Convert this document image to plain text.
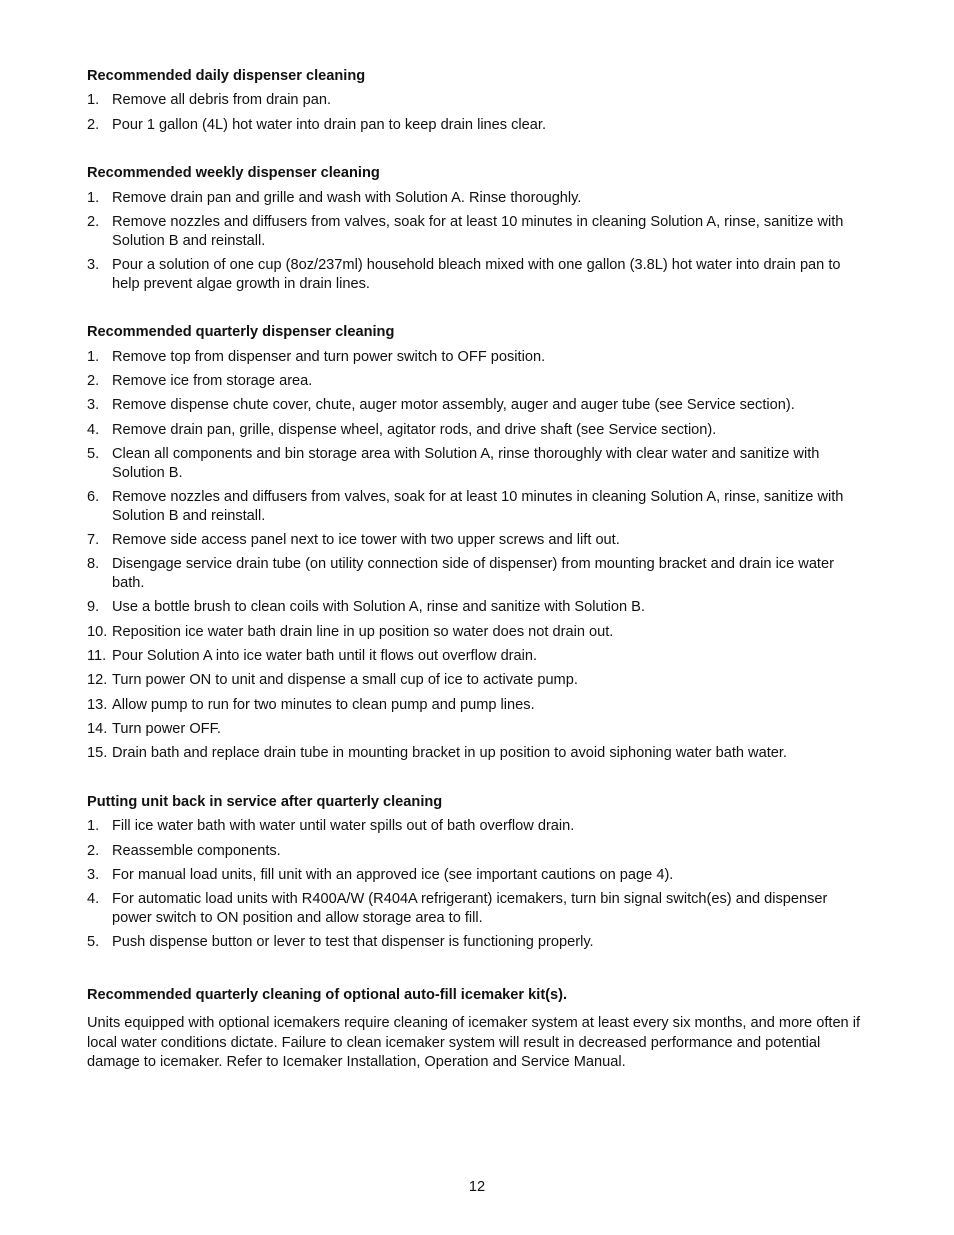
Recommended daily dispenser cleaning
1. Remove all debris from drain pan.
2. Pour 1 gallon (4L) hot water into drain pan to keep drain lines clear.
Recommended weekly dispenser cleaning
1. Remove drain pan and grille and wash with Solution A. Rinse thoroughly.
2. Remove nozzles and diffusers from valves, soak for at least 10 minutes in cleaning Solution A, rinse, sanitize with Solution B and reinstall.
3. Pour a solution of one cup (8oz/237ml) household bleach mixed with one gallon (3.8L) hot water into drain pan to help prevent algae growth in drain lines.
Recommended quarterly dispenser cleaning
1. Remove top from dispenser and turn power switch to OFF position.
2. Remove ice from storage area.
3. Remove dispense chute cover, chute, auger motor assembly, auger and auger tube (see Service section).
4. Remove drain pan, grille, dispense wheel, agitator rods, and drive shaft (see Service section).
5. Clean all components and bin storage area with Solution A, rinse thoroughly with clear water and sanitize with Solution B.
6. Remove nozzles and diffusers from valves, soak for at least 10 minutes in cleaning Solution A, rinse, sanitize with Solution B and reinstall.
7. Remove side access panel next to ice tower with two upper screws and lift out.
8. Disengage service drain tube (on utility connection side of dispenser) from mounting bracket and drain ice water bath.
9. Use a bottle brush to clean coils with Solution A, rinse and sanitize with Solution B.
10. Reposition ice water bath drain line in up position so water does not drain out.
11. Pour Solution A into ice water bath until it flows out overflow drain.
12. Turn power ON to unit and dispense a small cup of ice to activate pump.
13. Allow pump to run for two minutes to clean pump and pump lines.
14. Turn power OFF.
15. Drain bath and replace drain tube in mounting bracket in up position to avoid siphoning water bath water.
Putting unit back in service after quarterly cleaning
1. Fill ice water bath with water until water spills out of bath overflow drain.
2. Reassemble components.
3. For manual load units, fill unit with an approved ice (see important cautions on page 4).
4. For automatic load units with R400A/W (R404A refrigerant) icemakers, turn bin signal switch(es) and dispenser power switch to ON position and allow storage area to fill.
5. Push dispense button or lever to test that dispenser is functioning properly.
Recommended quarterly cleaning of optional auto-fill icemaker kit(s).
Units equipped with optional icemakers require cleaning of icemaker system at least every six months, and more often if local water conditions dictate. Failure to clean icemaker system will result in decreased performance and potential damage to icemaker. Refer to Icemaker Installation, Operation and Service Manual.
12
